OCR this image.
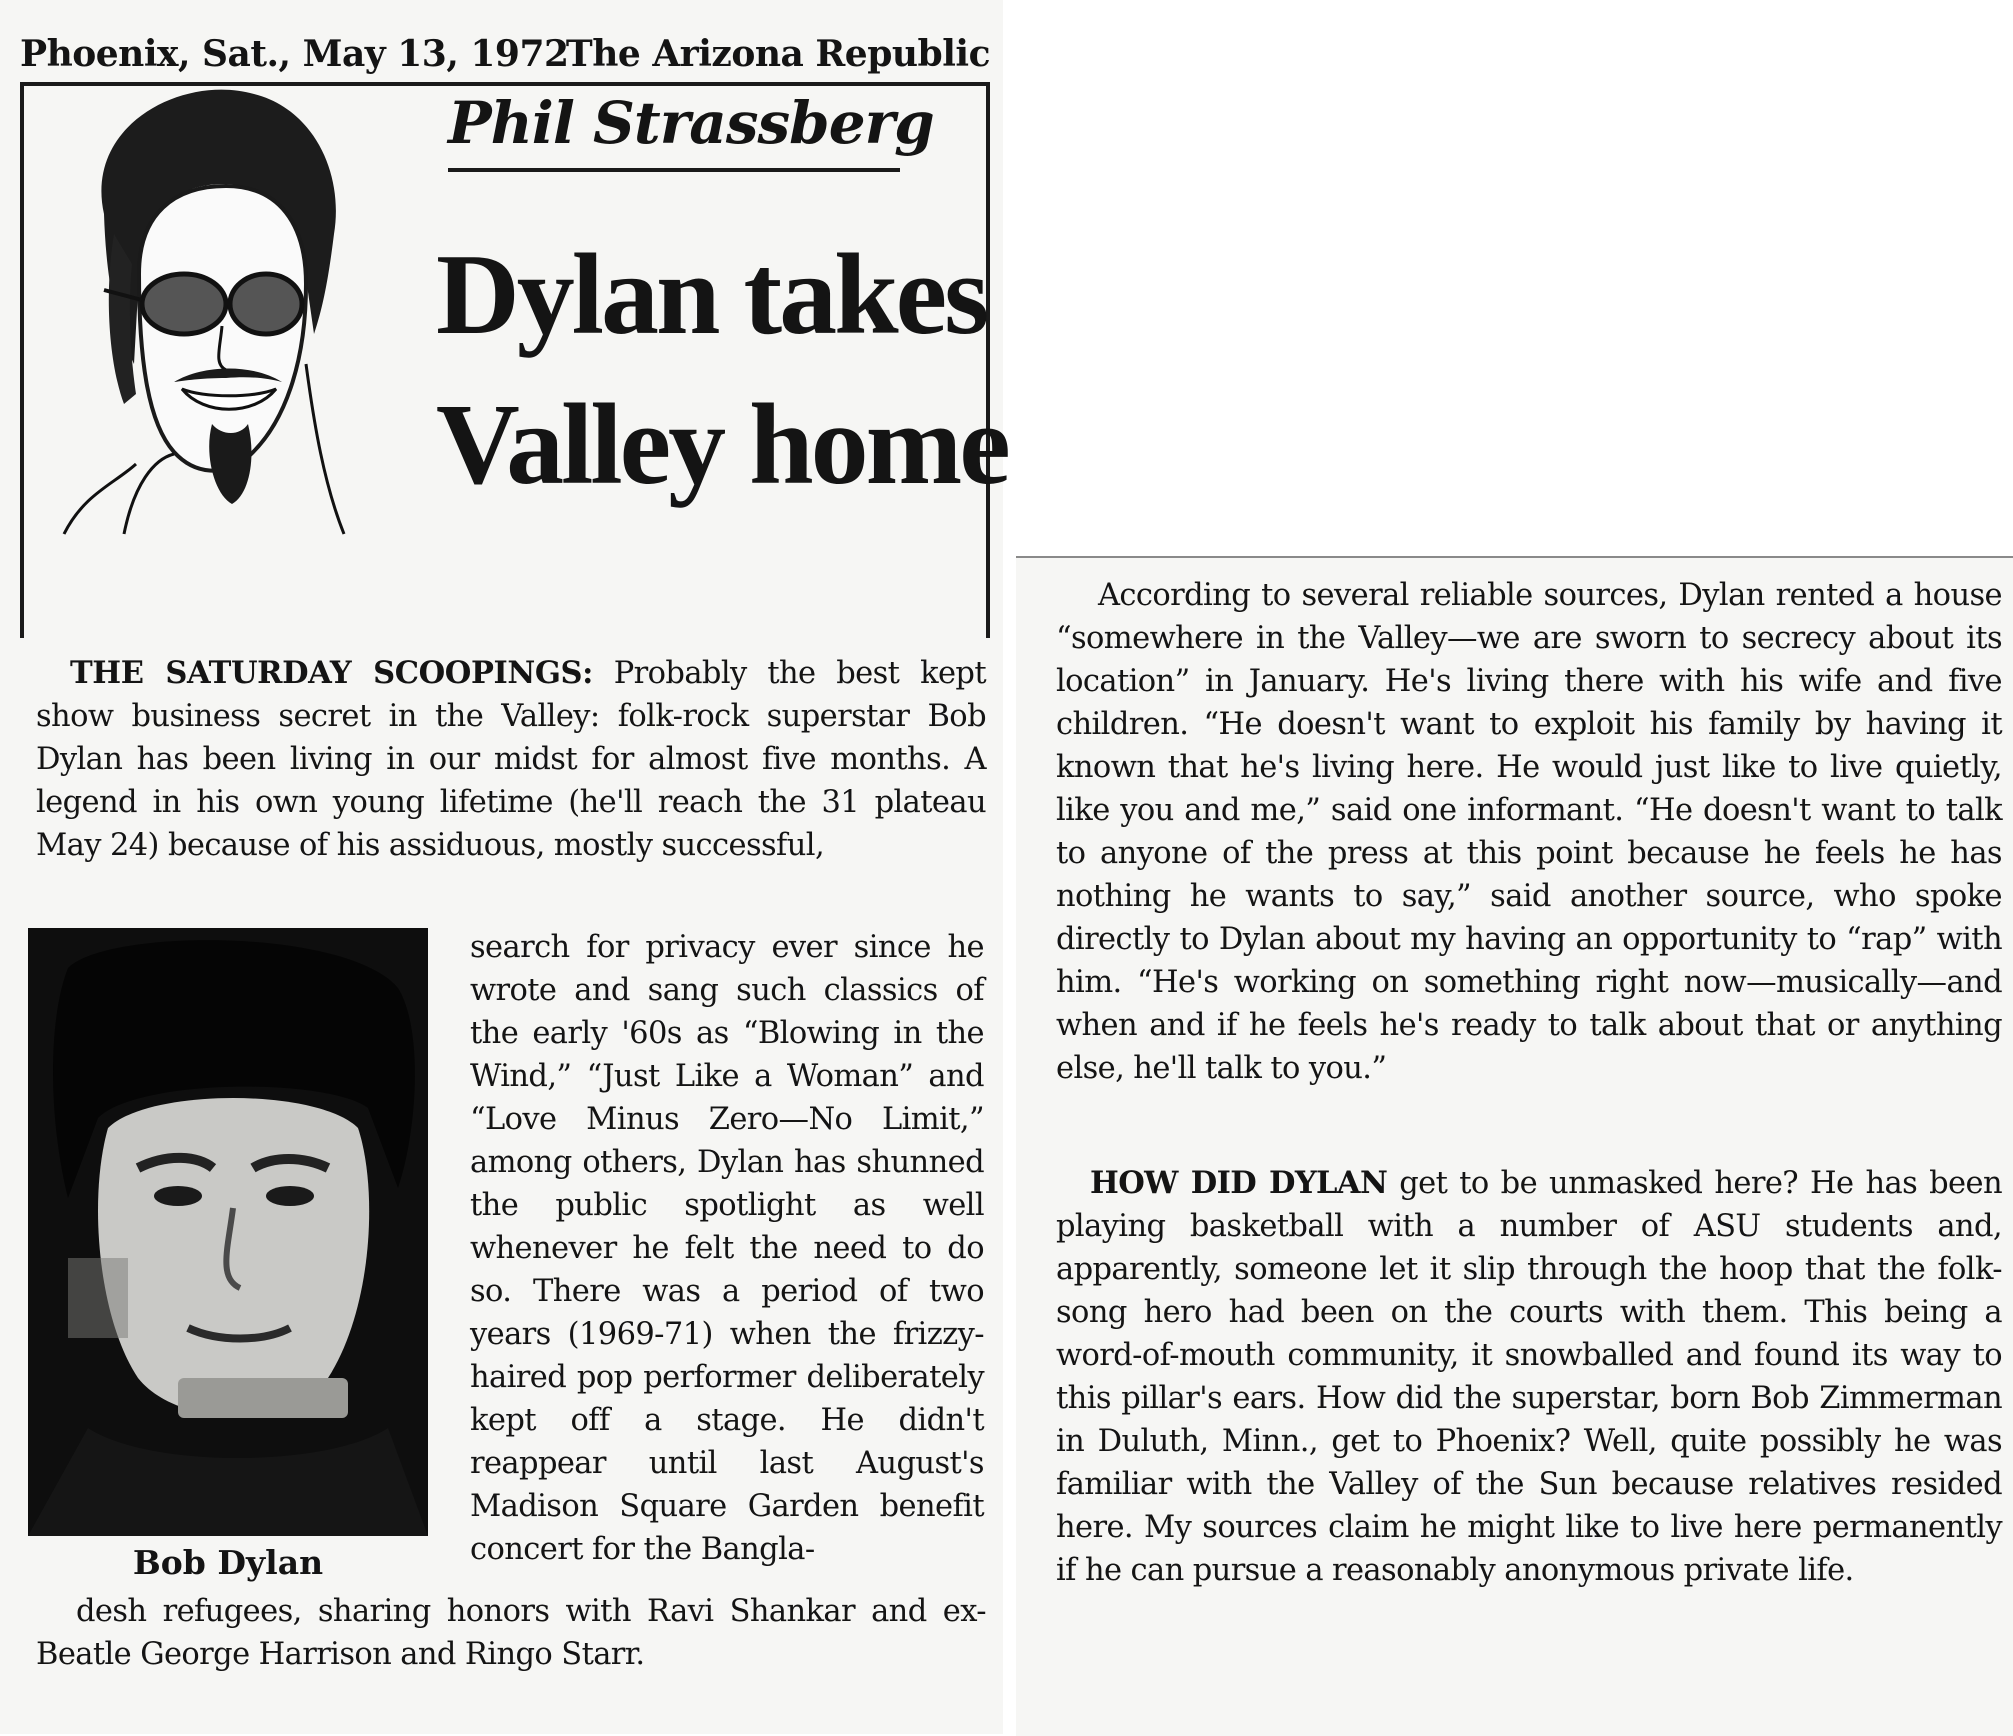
Phoenix, Sat., May 13, 1972
The Arizona Republic
Phil Strassberg
Dylan takes
Valley home

THE SATURDAY SCOOPINGS: Probably the best kept show business secret in the Valley: folk-rock superstar Bob Dylan has been living in our midst for almost five months. A legend in his own young lifetime (he'll reach the 31 plateau May 24) because of his assiduous, mostly successful,

Bob Dylan

search for privacy ever since he wrote and sang such classics of the early '60s as “Blowing in the Wind,” “Just Like a Woman” and “Love Minus Zero—No Limit,” among others, Dylan has shunned the public spotlight as well whenever he felt the need to do so. There was a period of two years (1969-71) when the frizzy-haired pop performer deliberately kept off a stage. He didn't reappear until last August's Madison Square Garden benefit concert for the Bangla-

desh refugees, sharing honors with Ravi Shankar and ex-Beatle George Harrison and Ringo Starr.

According to several reliable sources, Dylan rented a house “somewhere in the Valley—we are sworn to secrecy about its location” in January. He's living there with his wife and five children. “He doesn't want to exploit his family by having it known that he's living here. He would just like to live quietly, like you and me,” said one informant. “He doesn't want to talk to anyone of the press at this point because he feels he has nothing he wants to say,” said another source, who spoke directly to Dylan about my having an opportunity to “rap” with him. “He's working on something right now—musically—and when and if he feels he's ready to talk about that or anything else, he'll talk to you.”

HOW DID DYLAN get to be unmasked here? He has been playing basketball with a number of ASU students and, apparently, someone let it slip through the hoop that the folk-song hero had been on the courts with them. This being a word-of-mouth community, it snowballed and found its way to this pillar's ears. How did the superstar, born Bob Zimmerman in Duluth, Minn., get to Phoenix? Well, quite possibly he was familiar with the Valley of the Sun because relatives resided here. My sources claim he might like to live here permanently if he can pursue a reasonably anonymous private life.
